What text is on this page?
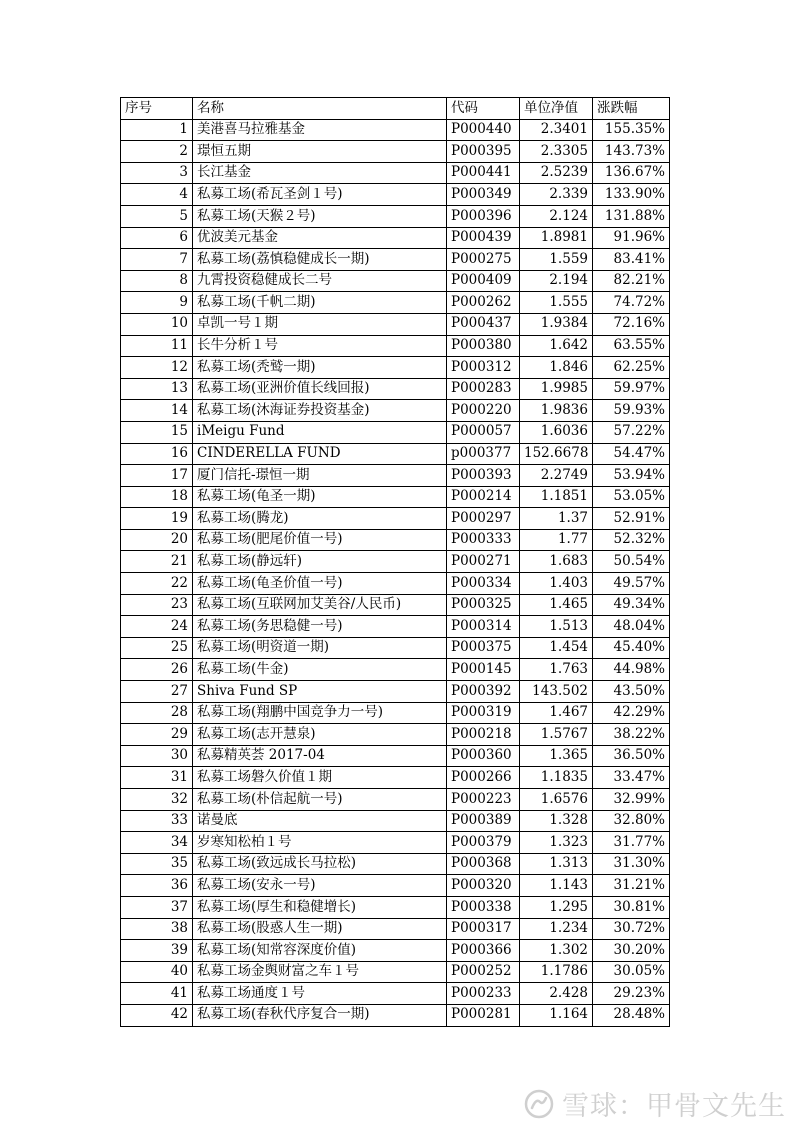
序号	名称	代码	单位净值	涨跌幅
1	美港喜马拉雅基金	P000440	2.3401	155.35%
2	璟恒五期	P000395	2.3305	143.73%
3	长江基金	P000441	2.5239	136.67%
4	私募工场(希瓦圣剑１号)	P000349	2.339	133.90%
5	私募工场(天猴２号)	P000396	2.124	131.88%
6	优波美元基金	P000439	1.8981	91.96%
7	私募工场(荔慎稳健成长一期)	P000275	1.559	83.41%
8	九霄投资稳健成长二号	P000409	2.194	82.21%
9	私募工场(千帆二期)	P000262	1.555	74.72%
10	卓凯一号１期	P000437	1.9384	72.16%
11	长牛分析１号	P000380	1.642	63.55%
12	私募工场(秃鹫一期)	P000312	1.846	62.25%
13	私募工场(亚洲价值长线回报)	P000283	1.9985	59.97%
14	私募工场(沐海证券投资基金)	P000220	1.9836	59.93%
15	iMeigu Fund	P000057	1.6036	57.22%
16	CINDERELLA FUND	p000377	152.6678	54.47%
17	厦门信托-璟恒一期	P000393	2.2749	53.94%
18	私募工场(龟圣一期)	P000214	1.1851	53.05%
19	私募工场(腾龙)	P000297	1.37	52.91%
20	私募工场(肥尾价值一号)	P000333	1.77	52.32%
21	私募工场(静远轩)	P000271	1.683	50.54%
22	私募工场(龟圣价值一号)	P000334	1.403	49.57%
23	私募工场(互联网加艾美谷/人民币)	P000325	1.465	49.34%
24	私募工场(务思稳健一号)	P000314	1.513	48.04%
25	私募工场(明资道一期)	P000375	1.454	45.40%
26	私募工场(牛金)	P000145	1.763	44.98%
27	Shiva Fund SP	P000392	143.502	43.50%
28	私募工场(翔鹏中国竞争力一号)	P000319	1.467	42.29%
29	私募工场(志开慧泉)	P000218	1.5767	38.22%
30	私募精英荟 2017-04	P000360	1.365	36.50%
31	私募工场磐久价值１期	P000266	1.1835	33.47%
32	私募工场(朴信起航一号)	P000223	1.6576	32.99%
33	诺曼底	P000389	1.328	32.80%
34	岁寒知松柏１号	P000379	1.323	31.77%
35	私募工场(致远成长马拉松)	P000368	1.313	31.30%
36	私募工场(安永一号)	P000320	1.143	31.21%
37	私募工场(厚生和稳健增长)	P000338	1.295	30.81%
38	私募工场(股惑人生一期)	P000317	1.234	30.72%
39	私募工场(知常容深度价值)	P000366	1.302	30.20%
40	私募工场金舆财富之车１号	P000252	1.1786	30.05%
41	私募工场通度１号	P000233	2.428	29.23%
42	私募工场(春秋代序复合一期)	P000281	1.164	28.48%
雪球：甲骨文先生
